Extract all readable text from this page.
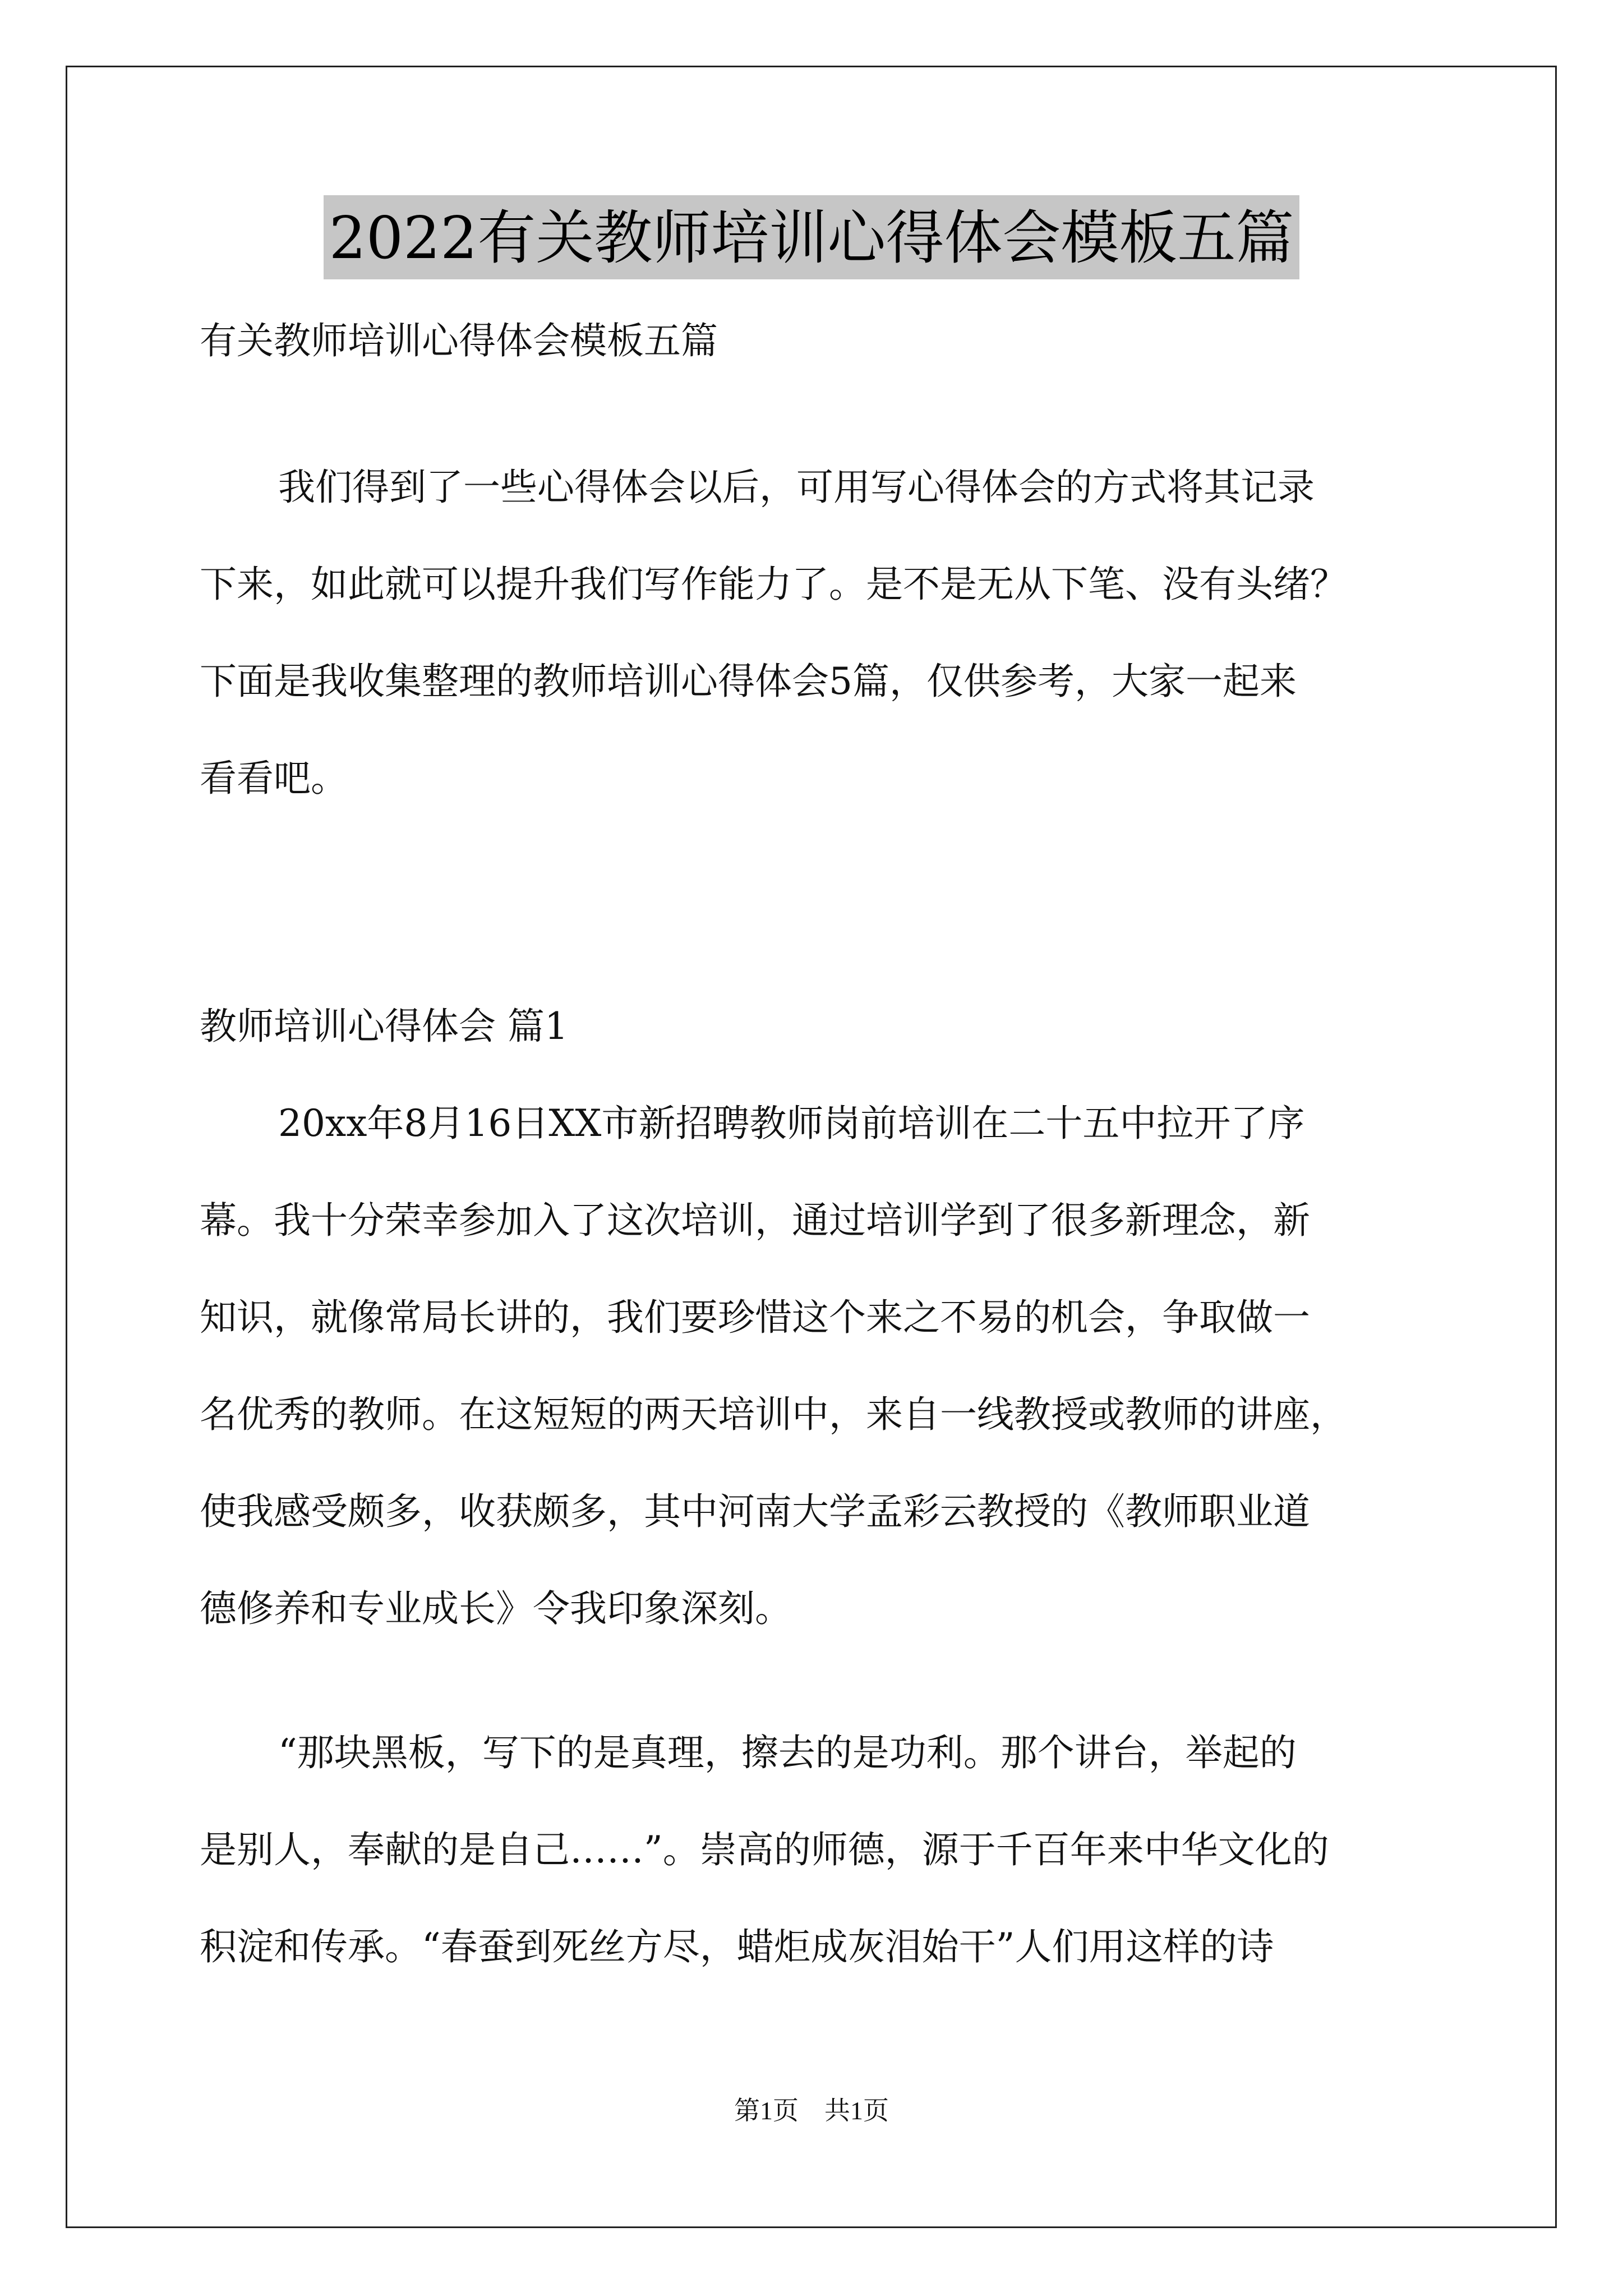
2022有关教师培训心得体会模板五篇
有关教师培训心得体会模板五篇
我们得到了一些心得体会以后，可用写心得体会的方式将其记录
下来，如此就可以提升我们写作能力了。是不是无从下笔、没有头绪？
下面是我收集整理的教师培训心得体会5篇，仅供参考，大家一起来
看看吧。
教师培训心得体会 篇1
20xx年8月16日XX市新招聘教师岗前培训在二十五中拉开了序
幕。我十分荣幸参加入了这次培训，通过培训学到了很多新理念，新
知识，就像常局长讲的，我们要珍惜这个来之不易的机会，争取做一
名优秀的教师。在这短短的两天培训中，来自一线教授或教师的讲座，
使我感受颇多，收获颇多，其中河南大学孟彩云教授的《教师职业道
德修养和专业成长》令我印象深刻。
“那块黑板，写下的是真理，擦去的是功利。那个讲台，举起的
是别人，奉献的是自己……”。崇高的师德，源于千百年来中华文化的
积淀和传承。“春蚕到死丝方尽，蜡炬成灰泪始干”人们用这样的诗
第1页　共1页
